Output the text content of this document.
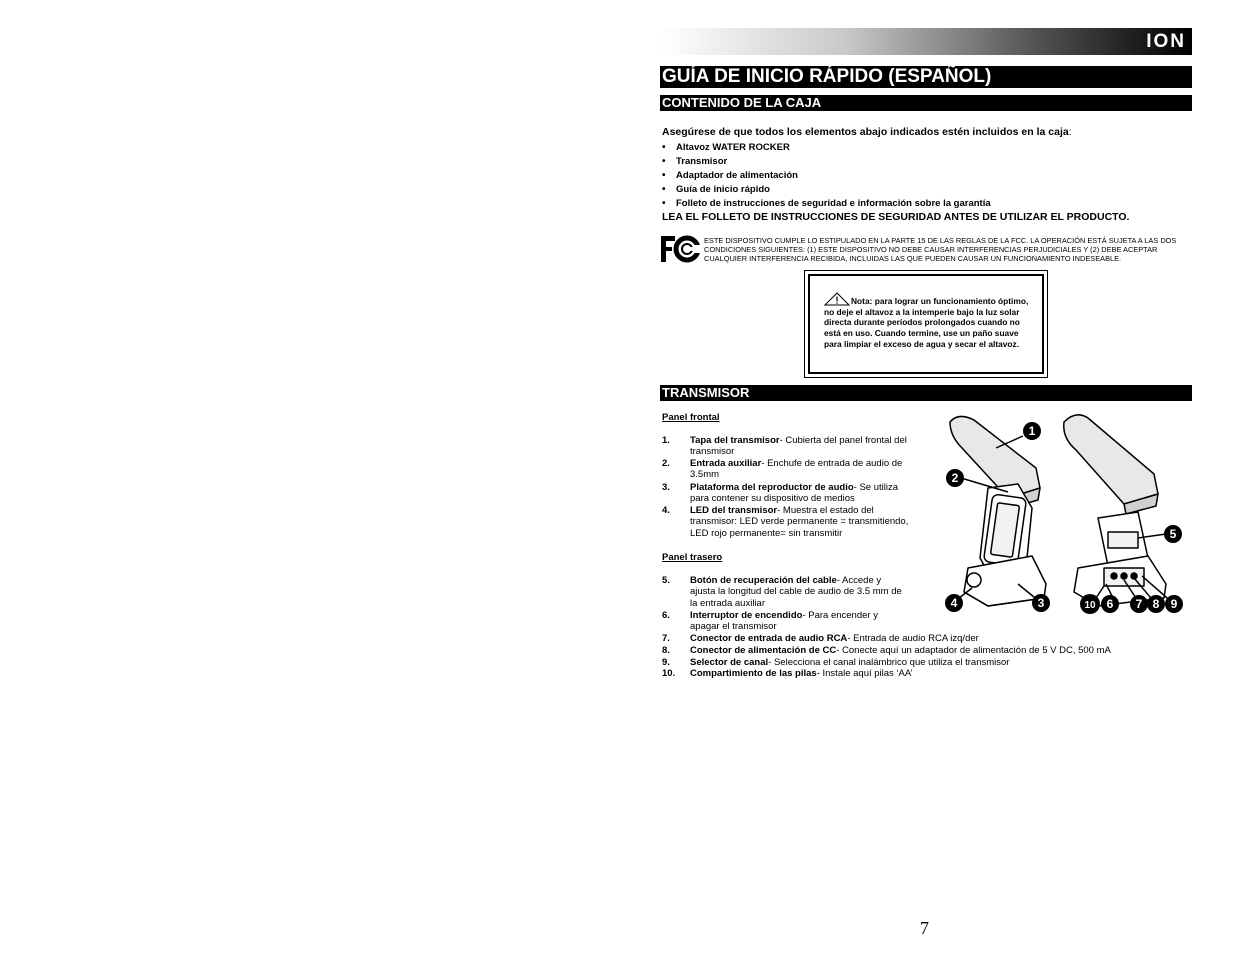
ION
GUÍA DE INICIO RÁPIDO (ESPAÑOL)
CONTENIDO DE LA CAJA
Asegúrese de que todos los elementos abajo indicados estén incluidos en la caja:
• Altavoz WATER ROCKER
• Transmisor
• Adaptador de alimentación
• Guía de inicio rápido
• Folleto de instrucciones de seguridad e información sobre la garantía
LEA EL FOLLETO DE INSTRUCCIONES DE SEGURIDAD ANTES DE UTILIZAR EL PRODUCTO.
ESTE DISPOSITIVO CUMPLE LO ESTIPULADO EN LA PARTE 15 DE LAS REGLAS DE LA FCC. LA OPERACIÓN ESTÁ SUJETA A LAS DOS CONDICIONES SIGUIENTES: (1) ESTE DISPOSITIVO NO DEBE CAUSAR INTERFERENCIAS PERJUDICIALES Y (2) DEBE ACEPTAR CUALQUIER INTERFERENCIA RECIBIDA, INCLUIDAS LAS QUE PUEDEN CAUSAR UN FUNCIONAMIENTO INDESEABLE.
Nota: para lograr un funcionamiento óptimo, no deje el altavoz a la intemperie bajo la luz solar directa durante períodos prolongados cuando no está en uso. Cuando termine, use un paño suave para limpiar el exceso de agua y secar el altavoz.
TRANSMISOR
Panel frontal
1. Tapa del transmisor- Cubierta del panel frontal del
transmisor
2. Entrada auxiliar- Enchufe de entrada de audio de
3.5mm
3. Plataforma del reproductor de audio- Se utiliza
para contener su dispositivo de medios
4. LED del transmisor- Muestra el estado del
transmisor: LED verde permanente = transmitiendo,
LED rojo permanente= sin transmitir
Panel trasero
5. Botón de recuperación del cable- Accede y
ajusta la longitud del cable de audio de 3.5 mm de
la entrada auxiliar
6. Interruptor de encendido- Para encender y
apagar el transmisor
7. Conector de entrada de audio RCA- Entrada de audio RCA izq/der
8. Conector de alimentación de CC- Conecte aquí un adaptador de alimentación de 5 V DC, 500 mA
9. Selector de canal- Selecciona el canal inalámbrico que utiliza el transmisor
10. Compartimiento de las pilas- Instale aquí pilas ‘AA’
1
2
3
4
5
6 7 8 9
10
7
